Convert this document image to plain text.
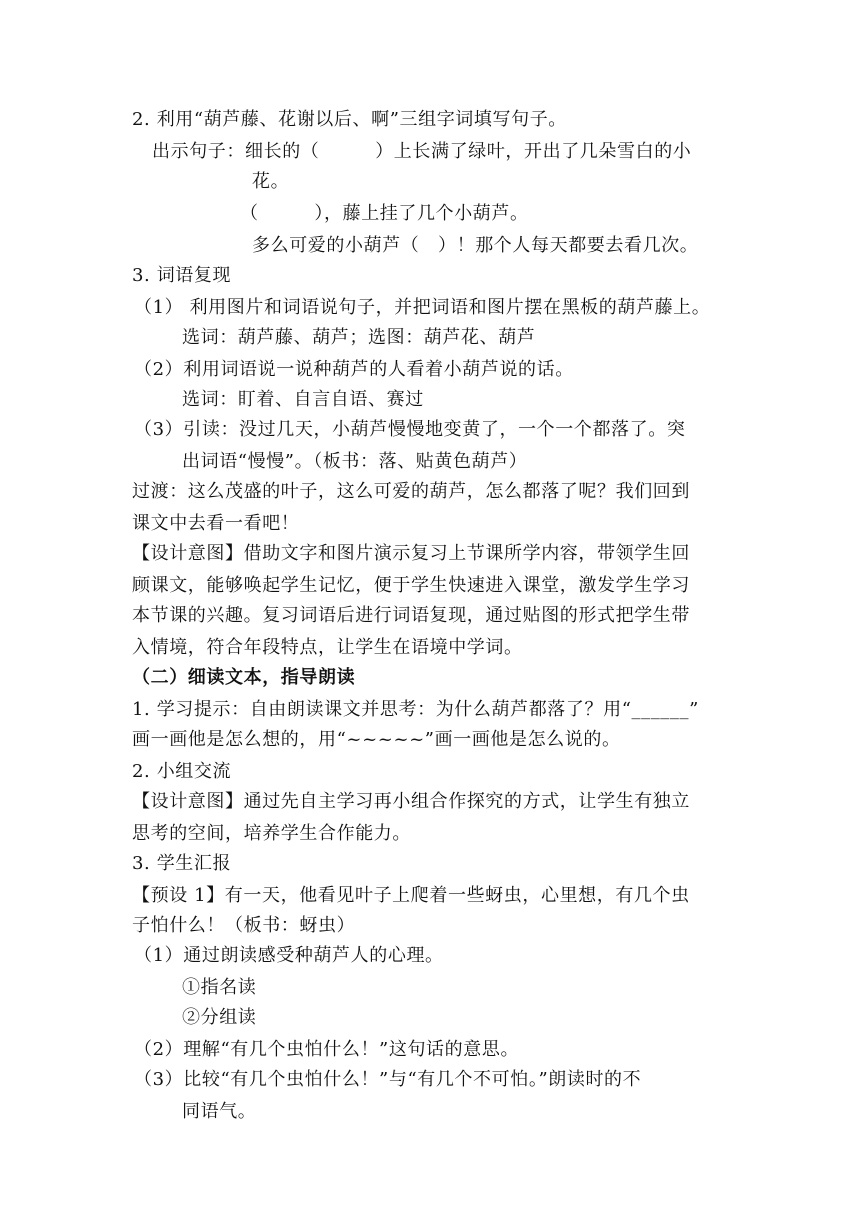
2. 利用“葫芦藤、花谢以后、啊”三组字词填写句子。
出示句子：细长的（　　　）上长满了绿叶，开出了几朵雪白的小
花。
（　　　），藤上挂了几个小葫芦。
多么可爱的小葫芦（　）！那个人每天都要去看几次。
3. 词语复现
（1） 利用图片和词语说句子，并把词语和图片摆在黑板的葫芦藤上。
选词：葫芦藤、葫芦；选图：葫芦花、葫芦
（2）利用词语说一说种葫芦的人看着小葫芦说的话。
选词：盯着、自言自语、赛过
（3）引读：没过几天，小葫芦慢慢地变黄了，一个一个都落了。突
出词语“慢慢”。（板书：落、贴黄色葫芦）
过渡：这么茂盛的叶子，这么可爱的葫芦，怎么都落了呢？我们回到
课文中去看一看吧！
【设计意图】借助文字和图片演示复习上节课所学内容，带领学生回
顾课文，能够唤起学生记忆，便于学生快速进入课堂，激发学生学习
本节课的兴趣。复习词语后进行词语复现，通过贴图的形式把学生带
入情境，符合年段特点，让学生在语境中学词。
（二）细读文本，指导朗读
1. 学习提示：自由朗读课文并思考：为什么葫芦都落了？用“______”
画一画他是怎么想的，用“~~~~~”画一画他是怎么说的。
2. 小组交流
【设计意图】通过先自主学习再小组合作探究的方式，让学生有独立
思考的空间，培养学生合作能力。
3. 学生汇报
【预设 1】有一天，他看见叶子上爬着一些蚜虫，心里想，有几个虫
子怕什么！（板书：蚜虫）
（1）通过朗读感受种葫芦人的心理。
①指名读
②分组读
（2）理解“有几个虫怕什么！”这句话的意思。
（3）比较“有几个虫怕什么！”与“有几个不可怕。”朗读时的不
同语气。
